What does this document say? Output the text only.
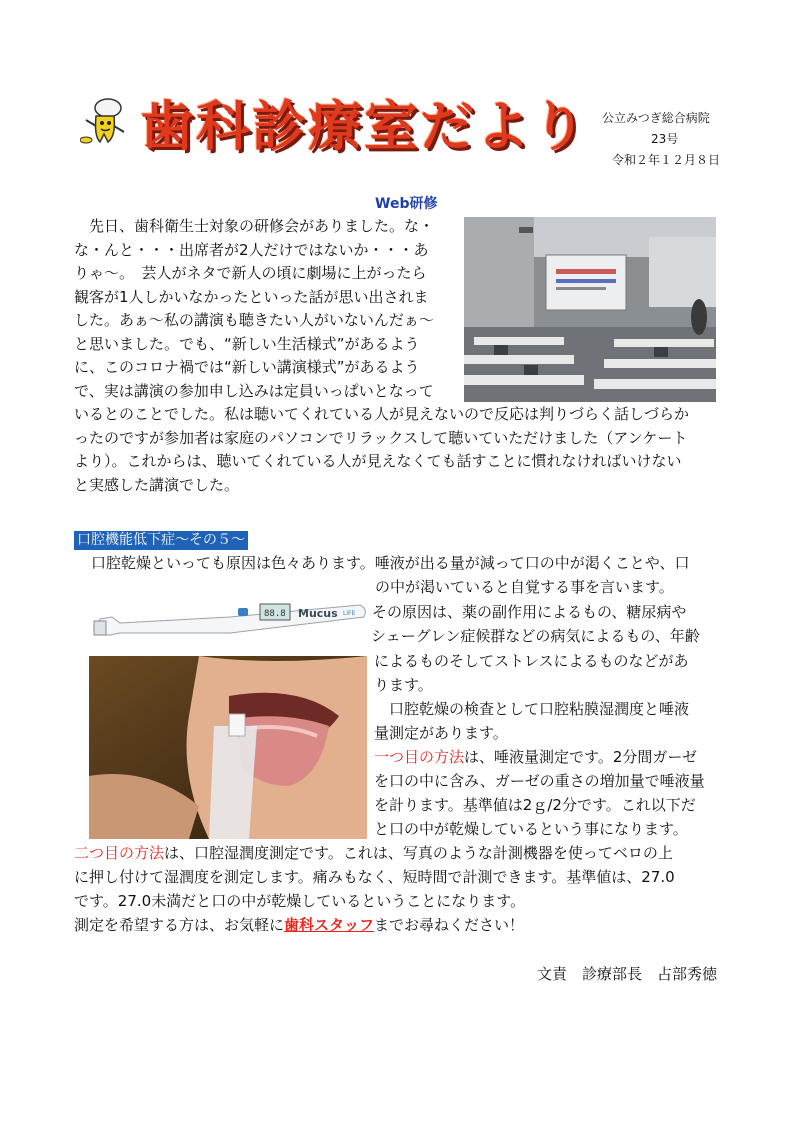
歯科診療室だより 公立みつぎ総合病院
23号
令和２年１２月８日
Web研修
　先日、歯科衛生士対象の研修会がありました。な・
な・んと・・・出席者が2人だけではないか・・・あ
りゃ～。　芸人がネタで新人の頃に劇場に上がったら
観客が1人しかいなかったといった話が思い出されま
した。あぁ～私の講演も聴きたい人がいないんだぁ～
と思いました。でも、“新しい生活様式”があるよう
に、このコロナ禍では“新しい講演様式”があるよう
で、実は講演の参加申し込みは定員いっぱいとなって
いるとのことでした。私は聴いてくれている人が見えないので反応は判りづらく話しづらか
ったのですが参加者は家庭のパソコンでリラックスして聴いていただけました（アンケート
より）。これからは、聴いてくれている人が見えなくても話すことに慣れなければいけない
と実感した講演でした。
口腔機能低下症～その５～
口腔乾燥といっても原因は色々あります。唾液が出る量が減って口の中が渇くことや、口
の中が渇いていると自覚する事を言います。
その原因は、薬の副作用によるもの、糖尿病や
シェーグレン症候群などの病気によるもの、年齢
によるものそしてストレスによるものなどがあ
ります。
　口腔乾燥の検査として口腔粘膜湿潤度と唾液
量測定があります。
一つ目の方法は、唾液量測定です。2分間ガーゼ
を口の中に含み、ガーゼの重さの増加量で唾液量
を計ります。基準値は2ｇ/2分です。これ以下だ
と口の中が乾燥しているという事になります。
二つ目の方法は、口腔湿潤度測定です。これは、写真のような計測機器を使ってベロの上
に押し付けて湿潤度を測定します。痛みもなく、短時間で計測できます。基準値は、27.0
です。27.0未満だと口の中が乾燥しているということになります。
測定を希望する方は、お気軽に歯科スタッフまでお尋ねください！
88.8 Mucus LiFE
文責　診療部長　占部秀徳
